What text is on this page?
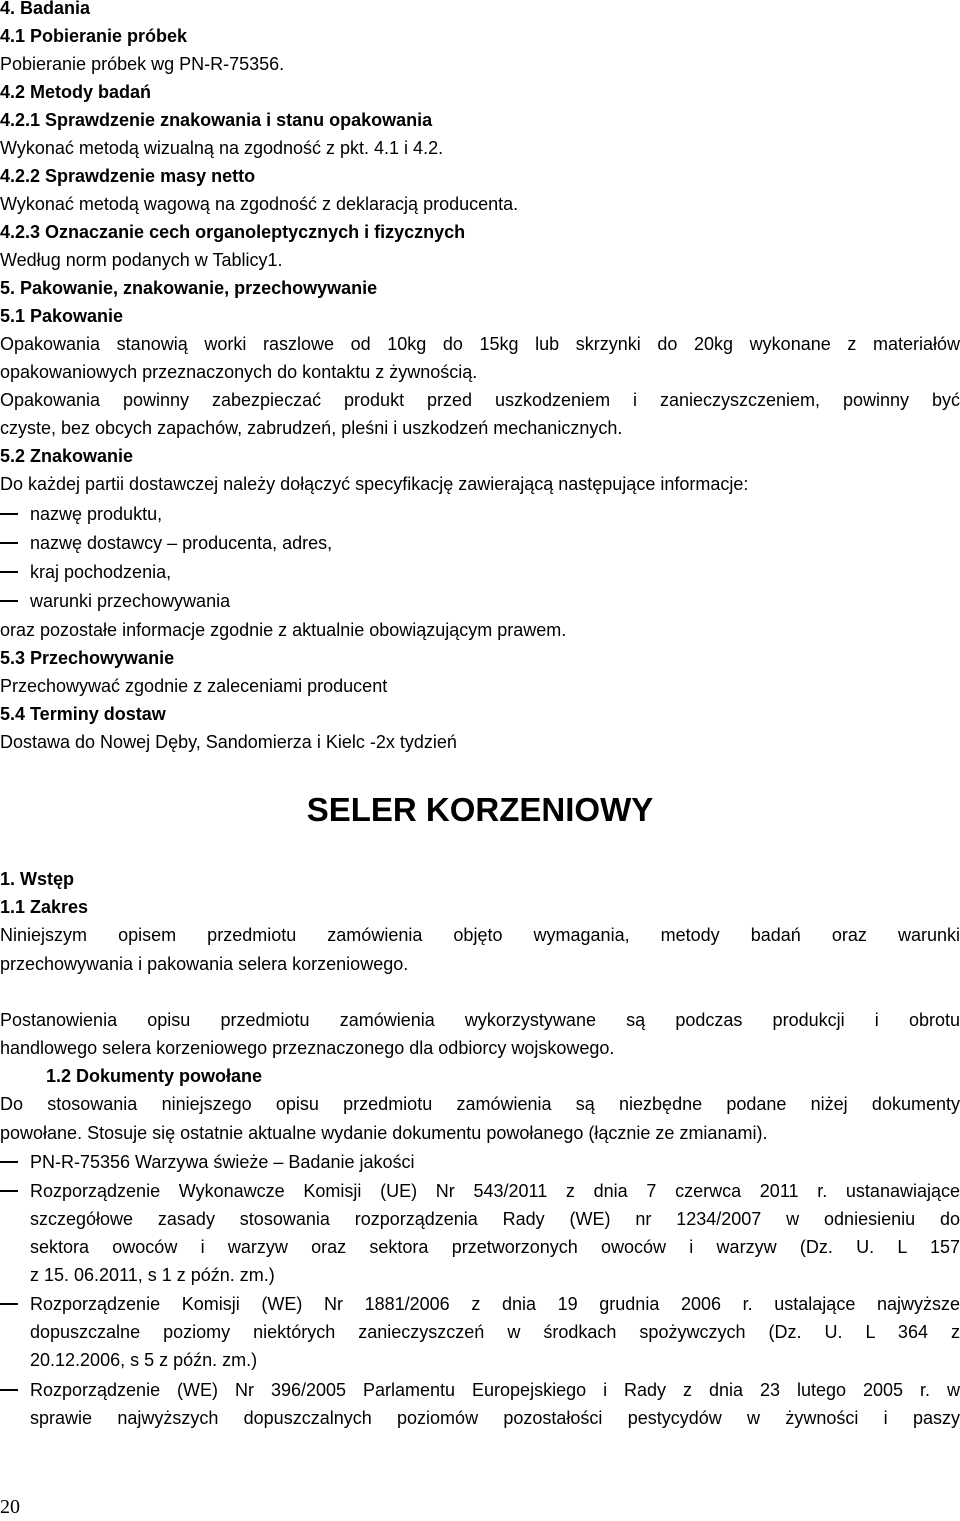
4. Badania
4.1 Pobieranie próbek
Pobieranie próbek wg PN-R-75356.
4.2 Metody badań
4.2.1 Sprawdzenie znakowania i stanu opakowania
Wykonać metodą wizualną na zgodność z pkt. 4.1 i 4.2.
4.2.2 Sprawdzenie masy netto
Wykonać metodą wagową na zgodność z deklaracją producenta.
4.2.3 Oznaczanie cech organoleptycznych i fizycznych
Według norm podanych w Tablicy1.
5. Pakowanie, znakowanie, przechowywanie
5.1 Pakowanie
Opakowania stanowią worki raszlowe od 10kg do 15kg lub skrzynki do 20kg wykonane z materiałów
opakowaniowych przeznaczonych do kontaktu z żywnością.
Opakowania powinny zabezpieczać produkt przed uszkodzeniem i zanieczyszczeniem, powinny być
czyste, bez obcych zapachów, zabrudzeń, pleśni i uszkodzeń mechanicznych.
5.2 Znakowanie
Do każdej partii dostawczej należy dołączyć specyfikację zawierającą następujące informacje:
nazwę produktu,
nazwę dostawcy – producenta, adres,
kraj pochodzenia,
warunki przechowywania
oraz pozostałe informacje zgodnie z aktualnie obowiązującym prawem.
5.3 Przechowywanie
Przechowywać zgodnie z zaleceniami producent
5.4 Terminy dostaw
Dostawa do Nowej Dęby, Sandomierza i Kielc -2x tydzień
SELER KORZENIOWY
1. Wstęp
1.1 Zakres
Niniejszym opisem przedmiotu zamówienia objęto wymagania, metody badań oraz warunki
przechowywania i pakowania selera korzeniowego.
Postanowienia opisu przedmiotu zamówienia wykorzystywane są podczas produkcji i obrotu
handlowego selera korzeniowego przeznaczonego dla odbiorcy wojskowego.
1.2 Dokumenty powołane
Do stosowania niniejszego opisu przedmiotu zamówienia są niezbędne podane niżej dokumenty
powołane. Stosuje się ostatnie aktualne wydanie dokumentu powołanego (łącznie ze zmianami).
PN-R-75356 Warzywa świeże – Badanie jakości
Rozporządzenie Wykonawcze Komisji (UE) Nr 543/2011 z dnia 7 czerwca 2011 r. ustanawiające
szczegółowe zasady stosowania rozporządzenia Rady (WE) nr 1234/2007 w odniesieniu do
sektora owoców i warzyw oraz sektora przetworzonych owoców i warzyw (Dz. U. L 157
z 15. 06.2011, s 1 z późn. zm.)
Rozporządzenie Komisji (WE) Nr 1881/2006 z dnia 19 grudnia 2006 r. ustalające najwyższe
dopuszczalne poziomy niektórych zanieczyszczeń w środkach spożywczych (Dz. U. L 364 z
20.12.2006, s 5 z późn. zm.)
Rozporządzenie (WE) Nr 396/2005 Parlamentu Europejskiego i Rady z dnia 23 lutego 2005 r. w
sprawie najwyższych dopuszczalnych poziomów pozostałości pestycydów w żywności i paszy
20
